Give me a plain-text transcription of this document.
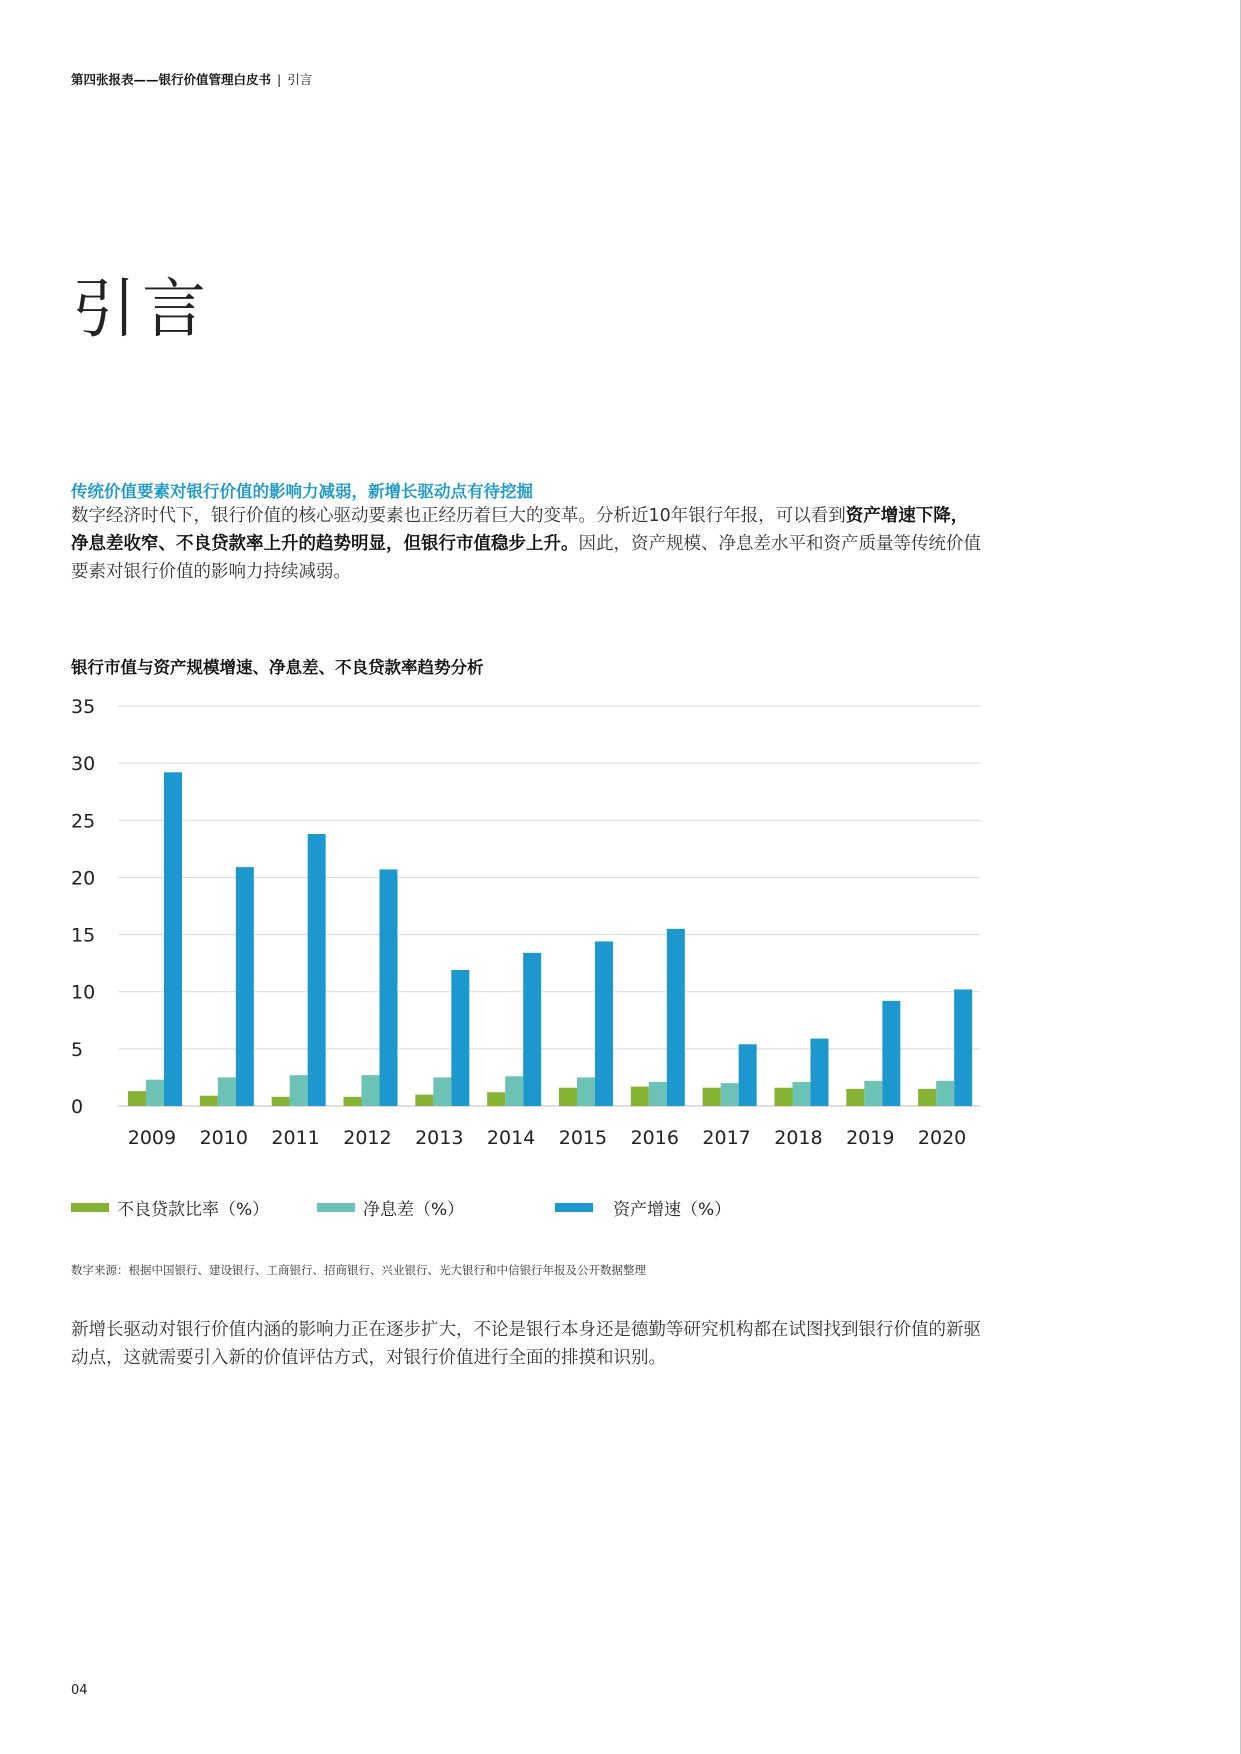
第四张报表——银行价值管理白皮书 | 引言
引言
传统价值要素对银行价值的影响力减弱，新增长驱动点有待挖掘
数字经济时代下，银行价值的核心驱动要素也正经历着巨大的变革。分析近10年银行年报，可以看到资产增速下降，净息差收窄、不良贷款率上升的趋势明显，但银行市值稳步上升。因此，资产规模、净息差水平和资产质量等传统价值要素对银行价值的影响力持续减弱。
银行市值与资产规模增速、净息差、不良贷款率趋势分析
0
5
10
15
20
25
30
35
2009 2010 2011 2012 2013 2014 2015 2016 2017 2018 2019 2020
不良贷款比率（%）	净息差（%）	资产增速（%）
数字来源：根据中国银行、建设银行、工商银行、招商银行、兴业银行、光大银行和中信银行年报及公开数据整理
新增长驱动对银行价值内涵的影响力正在逐步扩大，不论是银行本身还是德勤等研究机构都在试图找到银行价值的新驱动点，这就需要引入新的价值评估方式，对银行价值进行全面的排摸和识别。
04
